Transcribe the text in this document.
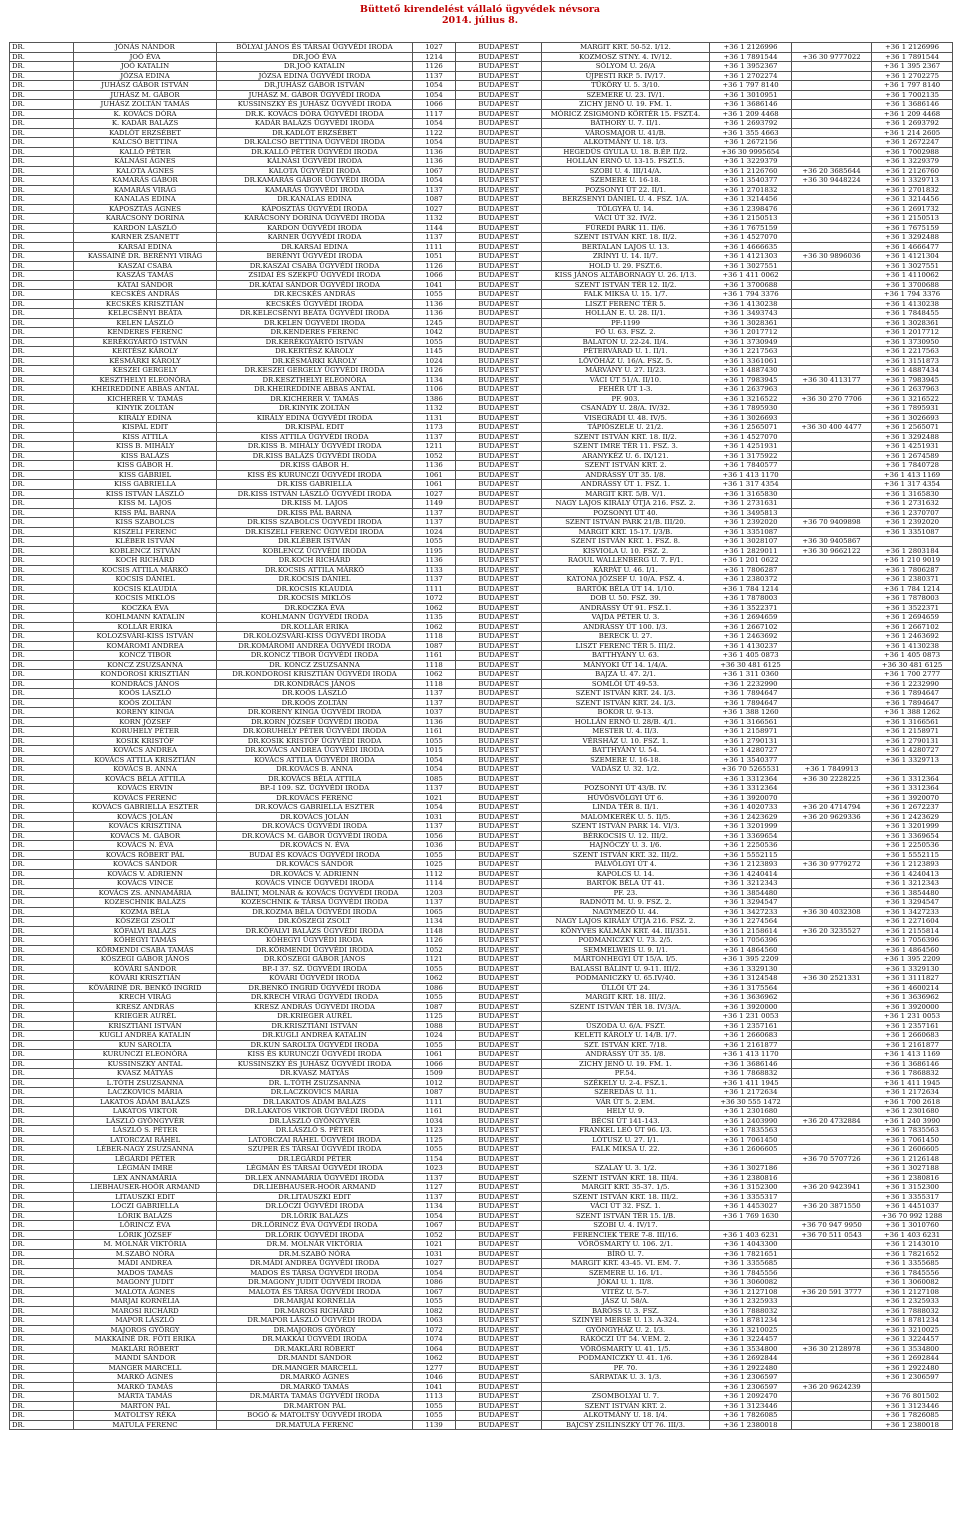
Bütt​ető kirendelést vállaló ügyvédek névsora
2014. július 8.
DR.	JÓNÁS NÁNDOR	BÖLYAI JÁNOS ÉS TÁRSAI ÜGYVÉDI IRODA	1027	BUDAPEST	MARGIT KRT. 50-52. I/12.	+36 1 2126996		+36 1 2126996
DR.	JOÓ ÉVA	DR.JOÓ ÉVA	1214	BUDAPEST	KOZMOSZ STNY. 4. IV/12.	+36 1 7891544	+36 30 9777022	+36 1 7891544
DR.	JOÓ KATALIN	DR.JOÓ KATALIN	1126	BUDAPEST	SÓLYOM U. 26/A	+36 1 3952367		+36 1 395 2367
DR.	JÓZSA EDINA	JÓZSA EDINA ÜGYVÉDI IRODA	1137	BUDAPEST	ÚJPESTI RKP. 5. IV/17.	+36 1 2702274		+36 1 2702275
DR.	JUHÁSZ GÁBOR ISTVÁN	DR.JUHÁSZ GÁBOR ISTVÁN	1054	BUDAPEST	TÜKÖRY U. 5. 3/10.	+36 1 797 8140		+36 1 797 8140
DR.	JUHÁSZ M. GÁBOR	JUHÁSZ M. GÁBOR ÜGYVÉDI IRODA	1054	BUDAPEST	SZEMERE U. 23. IV/1.	+36 1 3010951		+36 1 7002135
DR.	JUHÁSZ ZOLTÁN TAMÁS	KUSSINSZKY ÉS JUHÁSZ ÜGYVÉDI IRODA	1066	BUDAPEST	ZICHY JENŐ U. 19. FM. 1.	+36 1 3686146		+36 1 3686146
DR.	K. KOVÁCS DÓRA	DR.K. KOVÁCS DÓRA ÜGYVÉDI IRODA	1117	BUDAPEST	MÓRICZ ZSIGMOND KÖRTÉR 15. FSZT.4.	+36 1 209 4468		+36 1 209 4468
DR.	K. KADÁR BALÁZS	KADÁR BALÁZS ÜGYVÉDI IRODA	1054	BUDAPEST	BÁTHORY U. 7. II/1.	+36 1 2693792		+36 1 2693792
DR.	KADLÓT ERZSÉBET	DR.KADLÓT ERZSÉBET	1122	BUDAPEST	VÁROSMAJOR U. 41/B.	+36 1 355 4663		+36 1 214 2605
DR.	KALCSÓ BETTINA	DR.KALCSÓ BETTINA ÜGYVÉDI IRODA	1054	BUDAPEST	ALKOTMÁNY U. 18. I/3.	+36 1 2672156		+36 1 2672247
DR.	KALLÓ PÉTER	DR.KALLÓ PÉTER ÜGYVÉDI IRODA	1136	BUDAPEST	HEGEDŰS GYULA U. 18. B.ÉP. II/2.	+36 30 9995654		+36 1 7002988
DR.	KÁLNÁSI ÁGNES	KÁLNÁSI ÜGYVÉDI IRODA	1136	BUDAPEST	HOLLÁN ERNŐ U. 13-15. FSZT.5.	+36 1 3229379		+36 1 3229379
DR.	KALOTA ÁGNES	KALOTA ÜGYVÉDI IRODA	1067	BUDAPEST	SZOBI U. 4. III/14/A.	+36 1 2126760	+36 20 3685644	+36 1 2126760
DR.	KAMARÁS GÁBOR	DR.KAMARÁS GÁBOR ÜGYVÉDI IRODA	1054	BUDAPEST	SZEMERE U. 16-18.	+36 1 3540377	+36 30 9448224	+36 1 3329713
DR.	KAMARÁS VIRÁG	KAMARÁS ÜGYVÉDI IRODA	1137	BUDAPEST	POZSONYI ÚT 22. II/1.	+36 1 2701832		+36 1 2701832
DR.	KANALAS EDINA	DR.KANALAS EDINA	1087	BUDAPEST	BERZSENYI DÁNIEL U. 4. FSZ. 1/A.	+36 1 3214456		+36 1 3214456
DR.	KÁPOSZTÁS ÁGNES	KÁPOSZTÁS ÜGYVÉDI IRODA	1027	BUDAPEST	TÖLGYFA U. 14.	+36 1 2398476		+36 1 2691732
DR.	KARÁCSONY DORINA	KARÁCSONY DORINA ÜGYVÉDI IRODA	1132	BUDAPEST	VÁCI ÚT 32. IV/2.	+36 1 2150513		+36 1 2150513
DR.	KARDON LÁSZLÓ	KARDON ÜGYVÉDI IRODA	1144	BUDAPEST	FŰREDI PARK 11. II/6.	+36 1 7675159		+36 1 7675159
DR.	KARNER ZSANETT	KARNER ÜGYVÉDI IRODA	1137	BUDAPEST	SZENT ISTVÁN KRT. 18. II/2.	+36 1 4527070		+36 1 3292488
DR.	KARSAI EDINA	DR.KARSAI EDINA	1111	BUDAPEST	BERTALAN LAJOS U. 13.	+36 1 4666635		+36 1 4666477
DR.	KASSAINÉ DR. BERÉNYI VIRÁG	BERÉNYI ÜGYVÉDI IRODA	1051	BUDAPEST	ZRÍNYI U. 14. II/7.	+36 1 4121303	+36 30 9896036	+36 1 4121304
DR.	KASZAI CSABA	DR.KASZAI CSABA ÜGYVÉDI IRODA	1126	BUDAPEST	HOLD U. 29. FSZT.6.	+36 1 3027551		+36 1 3027551
DR.	KASZÁS TAMÁS	ZSIDAI ÉS SZEKFŰ ÜGYVÉDI IRODA	1066	BUDAPEST	KISS JÁNOS ALTÁBORNAGY U. 26. I/13.	+36 1 411 0062		+36 1 4110062
DR.	KÁTAI SÁNDOR	DR.KÁTAI SÁNDOR ÜGYVÉDI IRODA	1041	BUDAPEST	SZENT ISTVÁN TÉR 12. II/2.	+36 1 3700688		+36 1 3700688
DR.	KECSKÉS ANDRÁS	DR.KECSKÉS ANDRÁS	1055	BUDAPEST	FALK MIKSA U. 15. 1/7.	+36 1 794 3376		+36 1 794 3376
DR.	KECSKÉS KRISZTIÁN	KECSKÉS ÜGYVÉDI IRODA	1136	BUDAPEST	LISZT FERENC TÉR 5.	+36 1 4130238		+36 1 4130238
DR.	KELECSÉNYI BEÁTA	DR.KELECSÉNYI BEÁTA ÜGYVÉDI IRODA	1136	BUDAPEST	HOLLÁN E. U. 28. II/1.	+36 1 3493743		+36 1 7848455
DR.	KELEN LÁSZLÓ	DR.KELEN ÜGYVÉDI IRODA	1245	BUDAPEST	PF:1199	+36 1 3028361		+36 1 3028361
DR.	KENDERES FERENC	DR.KENDERES FERENC	1042	BUDAPEST	FŐ U. 63. FSZ. 2.	+36 1 2017712		+36 1 2017712
DR.	KERÉKGYÁRTÓ ISTVÁN	DR.KERÉKGYÁRTÓ ISTVÁN	1055	BUDAPEST	BALATON U. 22-24. II/4.	+36 1 3730949		+36 1 3730950
DR.	KERTÉSZ KÁROLY	DR.KERTÉSZ KÁROLY	1145	BUDAPEST	PÉTERVÁRAD U. 1. II/1.	+36 1 2217563		+36 1 2217563
DR.	KÉSMÁRKI KÁROLY	DR.KÉSMÁRKI KÁROLY	1024	BUDAPEST	LÖVŐHÁZ U. 16/A. FSZ. 5.	+36 1 3361061		+36 1 3151873
DR.	KESZEI GERGELY	DR.KESZEI GERGELY ÜGYVÉDI IRODA	1126	BUDAPEST	MÁRVÁNY U. 27. II/23.	+36 1 4887430		+36 1 4887434
DR.	KESZTHELYI ELEONÓRA	DR.KESZTHELYI ELEONÓRA	1134	BUDAPEST	VÁCI ÚT 51/A. II/10.	+36 1 7983945	+36 30 4113177	+36 1 7983945
DR.	KHEIREDDINE ABBAS ANTAL	DR.KHEIREDDINE ABBAS ANTAL	1106	BUDAPEST	FEHÉR ÚT 1-3.	+36 1 2637963		+36 1 2637963
DR.	KICHERER V. TAMÁS	DR.KICHERER V. TAMÁS	1386	BUDAPEST	PF. 903.	+36 1 3216522	+36 30 270 7706	+36 1 3216522
DR.	KINYIK ZOLTÁN	DR.KINYIK ZOLTÁN	1132	BUDAPEST	CSANÁDY U. 28/A. IV/32.	+36 1 7895930		+36 1 7895931
DR.	KIRÁLY EDINA	KIRÁLY EDINA ÜGYVÉDI IRODA	1131	BUDAPEST	VISEGRÁDI U. 48. IV/5.	+36 1 3026693		+36 1 3026693
DR.	KISPÁL EDIT	DR.KISPÁL EDIT	1173	BUDAPEST	TÁPIÓSZELE U. 21/2.	+36 1 2565071	+36 30 400 4477	+36 1 2565071
DR.	KISS ATTILA	KISS ATTILA ÜGYVÉDI IRODA	1137	BUDAPEST	SZENT ISTVÁN KRT. 18. II/2.	+36 1 4527070		+36 1 3292488
DR.	KISS B. MIHÁLY	DR.KISS B. MIHÁLY ÜGYVÉDI IRODA	1211	BUDAPEST	SZENT IMRE TÉR 11. FSZ. 3.	+36 1 4251931		+36 1 4251931
DR.	KISS BALÁZS	DR.KISS BALÁZS ÜGYVÉDI IRODA	1052	BUDAPEST	ARANYKÉZ U. 6. IX/121.	+36 1 3175922		+36 1 2674589
DR.	KISS GÁBOR H.	DR.KISS GÁBOR H.	1136	BUDAPEST	SZENT ISTVÁN KRT. 2.	+36 1 7840577		+36 1 7840728
DR.	KISS GÁBRIEL	KISS ÉS KURUNCZI ÜGYVÉDI IRODA	1061	BUDAPEST	ANDRÁSSY ÚT 35. I/8.	+36 1 413 1170		+36 1 413 1169
DR.	KISS GABRIELLA	DR.KISS GABRIELLA	1061	BUDAPEST	ANDRÁSSY ÚT 1. FSZ. 1.	+36 1 317 4354		+36 1 317 4354
DR.	KISS ISTVÁN LÁSZLÓ	DR.KISS ISTVÁN LÁSZLÓ ÜGYVÉDI IRODA	1027	BUDAPEST	MARGIT KRT. 5/B. V/1.	+36 1 3165830		+36 1 3165830
DR.	KISS M. LAJOS	DR.KISS M. LAJOS	1149	BUDAPEST	NAGY LAJOS KIRÁLY ÚTJA 216. FSZ. 2.	+36 1 2731631		+36 1 2731632
DR.	KISS PÁL BARNA	DR.KISS PÁL BARNA	1137	BUDAPEST	POZSONYI ÚT 40.	+36 1 3495813		+36 1 2370707
DR.	KISS SZABOLCS	DR.KISS SZABOLCS ÜGYVÉDI IRODA	1137	BUDAPEST	SZENT ISTVÁN PARK 21/B. III/20.	+36 1 2392020	+36 70 9409898	+36 1 2392020
DR.	KISZELI FERENC	DR.KISZELI FERENC ÜGYVÉDI IRODA	1024	BUDAPEST	MARGIT KRT. 15-17. I/3/B.	+36 1 3351087		+36 1 3351087
DR.	KLÉBER ISTVÁN	DR.KLÉBER ISTVÁN	1055	BUDAPEST	SZENT ISTVÁN KRT. 1. FSZ. 8.	+36 1 3028107	+36 30 9405867	
DR.	KOBLENCZ ISTVÁN	KOBLENCZ ÜGYVÉDI IRODA	1195	BUDAPEST	KISVIOLA U. 10. FSZ. 2.	+36 1 2829011	+36 30 9662122	+36 1 2803184
DR.	KOCH RICHÁRD	DR.KOCH RICHÁRD	1136	BUDAPEST	RAOUL WALLENBERG U. 7. F/1.	+36 1 201 0622		+36 1 210 9019
DR.	KOCSIS ATTILA MÁRKÓ	DR.KOCSIS ATTILA MÁRKÓ	1133	BUDAPEST	KÁRPÁT U. 46. I/1.	+36 1 7806287		+36 1 7806287
DR.	KOCSIS DÁNIEL	DR.KOCSIS DÁNIEL	1137	BUDAPEST	KATONA JÓZSEF U. 10/A. FSZ. 4.	+36 1 2380372		+36 1 2380371
DR.	KOCSIS KLAUDIA	DR.KOCSIS KLAUDIA	1111	BUDAPEST	BARTÓK BÉLA ÚT 14. 1/10.	+36 1 784 1214		+36 1 784 1214
DR.	KOCSIS MIKLÓS	DR.KOCSIS MIKLÓS	1072	BUDAPEST	DOB U. 50. FSZ. 39.	+36 1 7878003		+36 1 7878003
DR.	KOCZKA ÉVA	DR.KOCZKA ÉVA	1062	BUDAPEST	ANDRÁSSY ÚT 91. FSZ.1.	+36 1 3522371		+36 1 3522371
DR.	KOHLMANN KATALIN	KOHLMANN ÜGYVÉDI IRODA	1135	BUDAPEST	VAJDA PÉTER U. 3.	+36 1 2694659		+36 1 2694659
DR.	KOLLÁR ERIKA	DR.KOLLÁR ERIKA	1062	BUDAPEST	ANDRÁSSY ÚT 100. I/3.	+36 1 2667102		+36 1 2667102
DR.	KOLOZSVÁRI-KISS ISTVÁN	DR.KOLOZSVÁRI-KISS ÜGYVÉDI IRODA	1118	BUDAPEST	BERECK U. 27.	+36 1 2463692		+36 1 2463692
DR.	KOMÁROMI ANDREA	DR.KOMÁROMI ANDREA ÜGYVÉDI IRODA	1087	BUDAPEST	LISZT FERENC TÉR 5. III/2.	+36 1 4130237		+36 1 4130238
DR.	KONCZ TIBOR	DR.KONCZ TIBOR ÜGYVÉDI IRODA	1161	BUDAPEST	BATTHYÁNY U. 63.	+36 1 405 0873		+36 1 405 0873
DR.	KONCZ ZSUZSANNA	DR. KONCZ ZSUZSANNA	1118	BUDAPEST	MÁNYOKI ÚT 14. 1/4/A.	+36 30 481 6125		+36 30 481 6125
DR.	KONDOROSI KRISZTIÁN	DR.KONDOROSI KRISZTIÁN ÜGYVÉDI IRODA	1062	BUDAPEST	BAJZA U. 47. 2/1.	+36 1 311 0360		+36 1 700 2777
DR.	KONDRÁCS JÁNOS	DR.KONDRÁCS JÁNOS	1118	BUDAPEST	SOMLÓI ÚT 49-53.	+36 1 2232990		+36 1 2232990
DR.	KOÓS LÁSZLÓ	DR.KOÓS LÁSZLÓ	1137	BUDAPEST	SZENT ISTVÁN KRT. 24. I/3.	+36 1 7894647		+36 1 7894647
DR.	KOÓS ZOLTÁN	DR.KOÓS ZOLTÁN	1137	BUDAPEST	SZENT ISTVÁN KRT. 24. I/3.	+36 1 7894647		+36 1 7894647
DR.	KORENY KINGA	DR.KORENY KINGA ÜGYVÉDI IRODA	1037	BUDAPEST	BOKOR U. 9-13.	+36 1 388 1260		+36 1 388 1262
DR.	KORN JÓZSEF	DR.KORN JÓZSEF ÜGYVÉDI IRODA	1136	BUDAPEST	HOLLÁN ERNŐ U. 28/B. 4/1.	+36 1 3166561		+36 1 3166561
DR.	KORUHELY PÉTER	DR.KORUHELY PÉTER ÜGYVÉDI IRODA	1161	BUDAPEST	MESTER U. 4. II/3.	+36 1 2158971		+36 1 2158971
DR.	KOSIK KRISTÓF	DR.KOSIK KRISTÓF ÜGYVÉDI IRODA	1055	BUDAPEST	VÉRSHÁZ U. 10. FSZ. 1.	+36 1 2790131		+36 1 2790131
DR.	KOVÁCS ANDREA	DR.KOVÁCS ANDREA ÜGYVÉDI IRODA	1015	BUDAPEST	BATTHYÁNY U. 54.	+36 1 4280727		+36 1 4280727
DR.	KOVÁCS ATTILA KRISZTIÁN	KOVÁCS ATTILA ÜGYVÉDI IRODA	1054	BUDAPEST	SZEMERE U. 16-18.	+36 1 3540377		+36 1 3329713
DR.	KOVÁCS B. ANNA	DR.KOVÁCS B. ANNA	1054	BUDAPEST	VADÁSZ U. 32. 1/2.	+36 70 5265531	+36 1 7849913	
DR.	KOVÁCS BÉLA ATTILA	DR.KOVÁCS BÉLA ATTILA	1085	BUDAPEST		+36 1 3312364	+36 30 2228225	+36 1 3312364
DR.	KOVÁCS ERVIN	BP.-I 109. SZ. ÜGYVÉDI IRODA	1137	BUDAPEST	POZSONYI ÚT 43/B. IV.	+36 1 3312364		+36 1 3312364
DR.	KOVÁCS FERENC	DR.KOVÁCS FERENC	1021	BUDAPEST	HŰVÖSVÖLGYI ÚT 6.	+36 1 3920070		+36 1 3920070
DR.	KOVÁCS GABRIELLA ESZTER	DR.KOVÁCS GABRIELLA ESZTER	1054	BUDAPEST	LINDA TÉR 8. II/1.	+36 1 4020733	+36 20 4714794	+36 1 2672237
DR.	KOVÁCS JOLÁN	DR.KOVÁCS JOLÁN	1031	BUDAPEST	MALOMKERÉK U. 5. II/5.	+36 1 2423629	+36 20 9629336	+36 1 2423629
DR.	KOVÁCS KRISZTINA	DR.KOVÁCS ÜGYVÉDI IRODA	1137	BUDAPEST	SZENT ISTVÁN PARK 14. VI/3.	+36 1 3201999		+36 1 3201999
DR.	KOVÁCS M. GÁBOR	DR.KOVÁCS M. GÁBOR ÜGYVÉDI IRODA	1056	BUDAPEST	BÉRKOCSIS U. 12. III/2.	+36 1 3369654		+36 1 3369654
DR.	KOVÁCS N. ÉVA	DR.KOVÁCS N. ÉVA	1036	BUDAPEST	HAJNÓCZY U. 3. I/6.	+36 1 2250536		+36 1 2250536
DR.	KOVÁCS RÓBERT PÁL	BUDAI ÉS KOVÁCS ÜGYVÉDI IRODA	1055	BUDAPEST	SZENT ISTVÁN KRT. 32. III/2.	+36 1 5552115		+36 1 5552115
DR.	KOVÁCS SÁNDOR	DR.KOVÁCS SÁNDOR	1025	BUDAPEST	PÁLVÖLGYI ÚT 4.	+36 1 2123893	+36 30 9779272	+36 1 2123893
DR.	KOVÁCS V. ADRIENN	DR.KOVÁCS V. ADRIENN	1112	BUDAPEST	KAPOLCS U. 14.	+36 1 4240414		+36 1 4240413
DR.	KOVÁCS VINCE	KOVÁCS VINCE ÜGYVÉDI IRODA	1114	BUDAPEST	BARTÓK BÉLA ÚT 41.	+36 1 3212343		+36 1 3212343
DR.	KOVÁCS ZS. ANNAMÁRIA	BÁLINT, MOLNÁR & KOVÁCS ÜGYVÉDI IRODA	1203	BUDAPEST	PF. 23.	+36 1 3854480		+36 1 3854480
DR.	KOZESCHNIK BALÁZS	KOZESCHNIK & TÁRSA ÜGYVÉDI IRODA	1137	BUDAPEST	RADNÓTI M. U. 9. FSZ. 2.	+36 1 3294547		+36 1 3294547
DR.	KOZMA BÉLA	DR.KOZMA BÉLA ÜGYVÉDI IRODA	1065	BUDAPEST	NAGYMEZŐ U. 44.	+36 1 3427233	+36 30 4032308	+36 1 3427233
DR.	KŐSZEGI ZSOLT	DR.KŐSZEGI ZSOLT	1134	BUDAPEST	NAGY LAJOS KIRÁLY ÚTJA 216. FSZ. 2.	+36 1 2274564		+36 1 2271604
DR.	KŐFALVI BALÁZS	DR.KŐFALVI BALÁZS ÜGYVÉDI IRODA	1148	BUDAPEST	KÖNYVES KÁLMÁN KRT. 44. III/351.	+36 1 2158614	+36 20 3235527	+36 1 2155814
DR.	KŐHEGYI TAMÁS	KŐHEGYI ÜGYVÉDI IRODA	1126	BUDAPEST	PODMANICZKY U. 73. 2/5.	+36 1 7056396		+36 1 7056396
DR.	KÖRMENDI CSABA TAMÁS	DR.KÖRMENDI ÜGYVÉDI IRODA	1052	BUDAPEST	SEMMELWEIS U. 9. I/1.	+36 1 4864560		+36 1 4864560
DR.	KŐSZEGI GÁBOR JÁNOS	DR.KŐSZEGI GÁBOR JÁNOS	1121	BUDAPEST	MÁRTONHEGYI ÚT 15/A. I/5.	+36 1 395 2209		+36 1 395 2209
DR.	KŐVÁRI SÁNDOR	BP.-I 37. SZ. ÜGYVÉDI IRODA	1055	BUDAPEST	BALASSI BÁLINT U. 9-11. III/2.	+36 1 3329130		+36 1 3329130
DR.	KŐVÁRI KRISZTIÁN	KŐVÁRI ÜGYVÉDI IRODA	1062	BUDAPEST	PODMANICZKY U. 65.IV/40.	+36 1 3124548	+36 30 2521331	+36 1 3111827
DR.	KÖVÁRINÉ DR. BENKŐ INGRID	DR.BENKŐ INGRID ÜGYVÉDI IRODA	1086	BUDAPEST	ÜLLŐI ÚT 24.	+36 1 3175564		+36 1 4600214
DR.	KRECH VIRÁG	DR.KRECH VIRÁG ÜGYVÉDI IRODA	1055	BUDAPEST	MARGIT KRT. 18. III/2.	+36 1 3636962		+36 1 3636962
DR.	KRESZ ANDRÁS	KRESZ ANDRÁS ÜGYVÉDI IRODA	1087	BUDAPEST	SZENT ISTVÁN TÉR 18. IV/3/A.	+36 1 3920000		+36 1 3920000
DR.	KRIEGER AURÉL	DR.KRIEGER AURÉL	1125	BUDAPEST		+36 1 231 0053		+36 1 231 0053
DR.	KRISZTIÁNI ISTVÁN	DR.KRISZTIÁNI ISTVÁN	1088	BUDAPEST	ÚSZODA U. 6/A. FSZT.	+36 1 2357161		+36 1 2357161
DR.	KUGLI ANDREA KATALIN	DR.KUGLI ANDREA KATALIN	1024	BUDAPEST	KELETI KÁROLY U. 14/B. I/7.	+36 1 2660683		+36 1 2660683
DR.	KUN SAROLTA	DR.KUN SAROLTA ÜGYVÉDI IRODA	1055	BUDAPEST	SZT. ISTVÁN KRT. 7/18.	+36 1 2161877		+36 1 2161877
DR.	KURUNCZI ELEONÓRA	KISS ÉS KURUNCZI ÜGYVÉDI IRODA	1061	BUDAPEST	ANDRÁSSY ÚT 35. I/8.	+36 1 413 1170		+36 1 413 1169
DR.	KUSSINSZKY ANTAL	KUSSINSZKY ÉS JUHÁSZ ÜGYVÉDI IRODA	1066	BUDAPEST	ZICHY JENŐ U. 19. FM. 1.	+36 1 3686146		+36 1 3686146
DR.	KVASZ MÁTYÁS	DR.KVASZ MÁTYÁS	1509	BUDAPEST	PF.54.	+36 1 7868832		+36 1 7868832
DR.	L.TÓTH ZSUZSANNA	DR. L.TÓTH ZSUZSANNA	1012	BUDAPEST	SZÉKELY U. 2-4. FSZ.1.	+36 1 411 1945		+36 1 411 1945
DR.	LACZKOVICS MÁRIA	DR.LACZKOVICS MÁRIA	1087	BUDAPEST	SZEREDÁS U. 11.	+36 1 2172634		+36 1 2172634
DR.	LAKATOS ÁDÁM BALÁZS	DR.LAKATOS ÁDÁM BALÁZS	1111	BUDAPEST	VÁR ÚT 5. 2.EM.	+36 30 555 1472		+36 1 700 2618
DR.	LAKATOS VIKTOR	DR.LAKATOS VIKTOR ÜGYVÉDI IRODA	1161	BUDAPEST	HELY U. 9.	+36 1 2301680		+36 1 2301680
DR.	LÁSZLÓ GYÖNGYVÉR	DR.LÁSZLÓ GYÖNGYVÉR	1034	BUDAPEST	BÉCSI ÚT 141-143.	+36 1 2403990	+36 20 4732884	+36 1 240 3990
DR.	LÁSZLÓ S. PÉTER	DR.LÁSZLÓ S. PÉTER	1123	BUDAPEST	FRANKEL LEÓ ÚT 96. I/3.	+36 1 7835563		+36 1 7835563
DR.	LATORCZAI RÁHEL	LATORCZAI RÁHEL ÜGYVÉDI IRODA	1125	BUDAPEST	LÓTUSZ U. 27. I/1.	+36 1 7061450		+36 1 7061450
DR.	LÉBER-NAGY ZSUZSANNA	SZUPER ÉS TÁRSAI ÜGYVÉDI IRODA	1055	BUDAPEST	FALK MIKSA U. 22.	+36 1 2606605		+36 1 2606605
DR.	LÉGÁRDI PÉTER	DR.LÉGÁRDI PÉTER	1154	BUDAPEST			+36 70 5707726	+36 1 2126148
DR.	LÉGMÁN IMRE	LÉGMÁN ÉS TÁRSAI ÜGYVÉDI IRODA	1023	BUDAPEST	SZALAY U. 3. 1/2.	+36 1 3027186		+36 1 3027188
DR.	LEX ANNAMÁRIA	DR.LEX ANNAMÁRIA ÜGYVÉDI IRODA	1137	BUDAPEST	SZENT ISTVÁN KRT. 18. III/4.	+36 1 2380816		+36 1 2380816
DR.	LIEBHAUSER-HOÓR ARMAND	DR.LIEBHAUSER-HOÓR ARMAND	1127	BUDAPEST	MARGIT KRT. 35-37. 1/5.	+36 1 3152300	+36 20 9423941	+36 1 3152300
DR.	LITAUSZKI EDIT	DR.LITAUSZKI EDIT	1137	BUDAPEST	SZENT ISTVÁN KRT. 18. III/2.	+36 1 3355317		+36 1 3355317
DR.	LÓCZI GABRIELLA	DR.LÓCZI ÜGYVÉDI IRODA	1134	BUDAPEST	VÁCI ÚT 32. FSZ. 1.	+36 1 4453027	+36 20 3871550	+36 1 4451037
DR.	LŐRIK BALÁZS	DR.LŐRIK BALÁZS	1054	BUDAPEST	SZENT ISTVÁN TÉR 15. I/B.	+36 1 769 1630		+36 70 992 1288
DR.	LÖRINCZ ÉVA	DR.LÖRINCZ ÉVA ÜGYVÉDI IRODA	1067	BUDAPEST	SZOBI U. 4. IV/17.		+36 70 947 9950	+36 1 3010760
DR.	LŐRIK JÓZSEF	DR.LŐRIK ÜGYVÉDI IRODA	1052	BUDAPEST	FERENCIEK TERE 7-8. III/16.	+36 1 403 6231	+36 70 511 0543	+36 1 403 6231
DR.	M. MOLNÁR VIKTÓRIA	DR.M. MOLNÁR VIKTÓRIA	1021	BUDAPEST	VÖRÖSMARTY U. 106. 2/1.	+36 1 4043300		+36 1 2143010
DR.	M.SZABÓ NÓRA	DR.M.SZABÓ NÓRA	1031	BUDAPEST	BÍRÓ U. 7.	+36 1 7821651		+36 1 7821652
DR.	MÁDI ANDREA	DR.MÁDI ANDREA ÜGYVÉDI IRODA	1027	BUDAPEST	MARGIT KRT. 43-45. VI. EM. 7.	+36 1 3355685		+36 1 3355685
DR.	MADOS TAMÁS	MADOS ÉS TÁRSA ÜGYVÉDI IRODA	1054	BUDAPEST	SZEMERE U. 16. I/1.	+36 1 7845556		+36 1 7845556
DR.	MAGONY JUDIT	DR.MAGONY JUDIT ÜGYVÉDI IRODA	1086	BUDAPEST	JÓKAI U. 1. II/8.	+36 1 3060082		+36 1 3060082
DR.	MALOTA ÁGNES	MALOTA ÉS TÁRSA ÜGYVÉDI IRODA	1067	BUDAPEST	VITÉZ U. 5-7.	+36 1 2127108	+36 20 591 3777	+36 1 2127108
DR.	MARJAI KORNÉLIA	DR.MARJAI KORNÉLIA	1055	BUDAPEST	JÁSZ U. 58/A.	+36 1 2325933		+36 1 2325933
DR.	MAROSI RICHÁRD	DR.MAROSI RICHÁRD	1082	BUDAPEST	BARÓSS U. 3. FSZ.	+36 1 7888032		+36 1 7888032
DR.	MAPOR LÁSZLÓ	DR.MAPOR LÁSZLÓ ÜGYVÉDI IRODA	1063	BUDAPEST	SZINYEI MERSE U. 13. A-324.	+36 1 8781234		+36 1 8781234
DR.	MAJOROS GYÖRGY	DR.MAJOROS GYÖRGY	1072	BUDAPEST	GYÖNGYHÁZ U. 2. I/3.	+36 1 3210025		+36 1 3210025
DR.	MAKKAINÉ DR. FÖTI ERIKA	DR.MAKKAI ÜGYVÉDI IRODA	1074	BUDAPEST	RÁKÓCZI ÚT 54. V.EM. 2.	+36 1 3224457		+36 1 3224457
DR.	MAKLÁRI RÓBERT	DR.MAKLÁRI RÓBERT	1064	BUDAPEST	VÖRÖSMARTY U. 41. 1/5.	+36 1 3534800	+36 30 2128978	+36 1 3534800
DR.	MANDI SÁNDOR	DR.MANDI SÁNDOR	1062	BUDAPEST	PODMANICZKY U. 41. 1/6.	+36 1 2692844		+36 1 2692844
DR.	MANGER MARCELL	DR.MANGER MARCELL	1277	BUDAPEST	PF. 70.	+36 1 2922480		+36 1 2922480
DR.	MARKÓ ÁGNES	DR.MARKÓ ÁGNES	1046	BUDAPEST	SÁRPATAK U. 3. 1/3.	+36 1 2306597		+36 1 2306597
DR.	MARKÓ TAMÁS	DR.MARKÓ TAMÁS	1041	BUDAPEST		+36 1 2306597	+36 20 9624239	
DR.	MÁRTA TAMÁS	DR.MÁRTA TAMÁS ÜGYVÉDI IRODA	1113	BUDAPEST	ZSOMBOLYAI U. 7.	+36 1 2092470		+36 76 801502
DR.	MARTON PÁL	DR.MARTON PÁL	1055	BUDAPEST	SZENT ISTVÁN KRT. 2.	+36 1 3123446		+36 1 3123446
DR.	MATOLTSY RÉKA	BOGÓ & MATOLTSY ÜGYVÉDI IRODA	1055	BUDAPEST	ALKOTMÁNY U. 18. I/4.	+36 1 7826085		+36 1 7826085
DR.	MATULA FERENC	DR.MATULA FERENC	1139	BUDAPEST	BAJCSY ZSILINSZKY ÚT 76. III/3.	+36 1 2380018		+36 1 2380018
